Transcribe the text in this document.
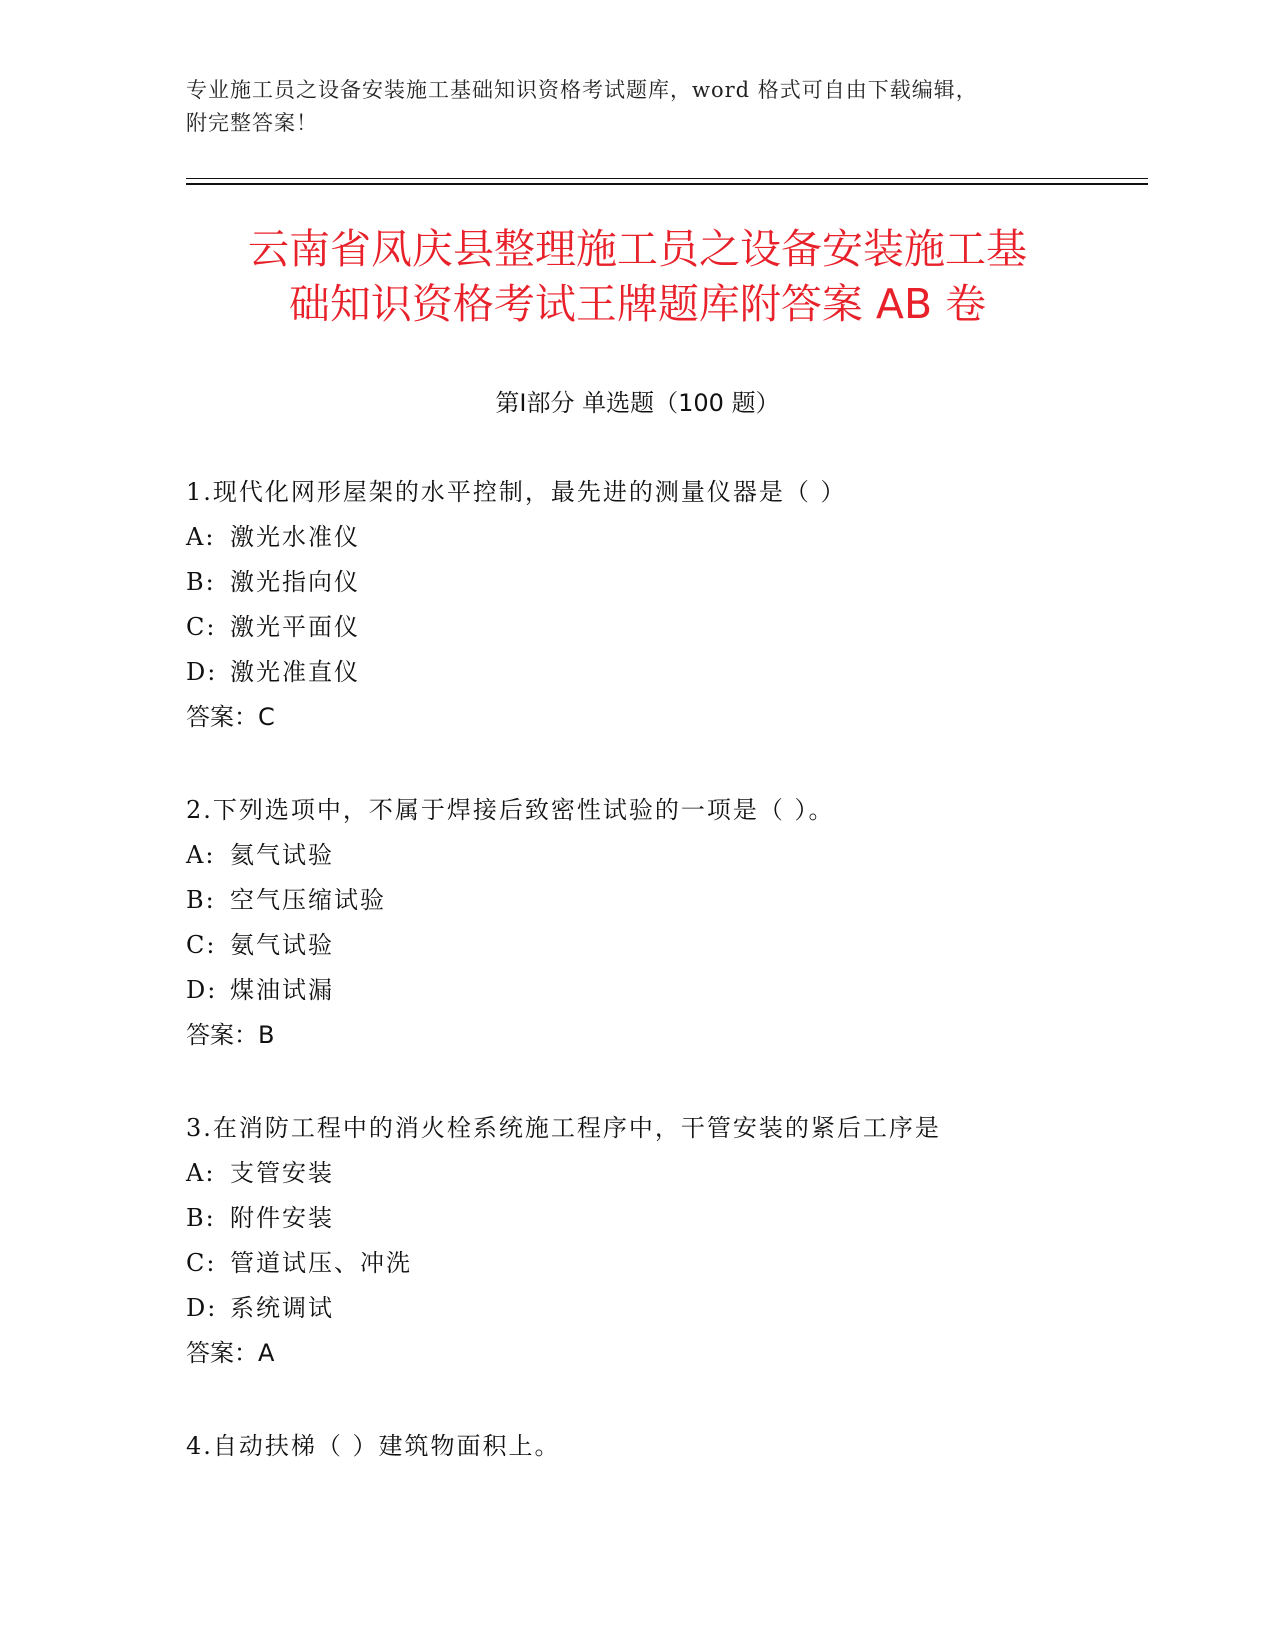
专业施工员之设备安装施工基础知识资格考试题库，word 格式可自由下载编辑，
附完整答案！
云南省凤庆县整理施工员之设备安装施工基
础知识资格考试王牌题库附答案 AB 卷
第Ⅰ部分 单选题（100 题）
1.现代化网形屋架的水平控制，最先进的测量仪器是（ ）
A: 激光水准仪
B: 激光指向仪
C: 激光平面仪
D: 激光准直仪
答案：C
2.下列选项中，不属于焊接后致密性试验的一项是（ ）。
A: 氦气试验
B: 空气压缩试验
C: 氨气试验
D: 煤油试漏
答案：B
3.在消防工程中的消火栓系统施工程序中，干管安装的紧后工序是
A: 支管安装
B: 附件安装
C: 管道试压、冲洗
D: 系统调试
答案：A
4.自动扶梯（ ）建筑物面积上。
